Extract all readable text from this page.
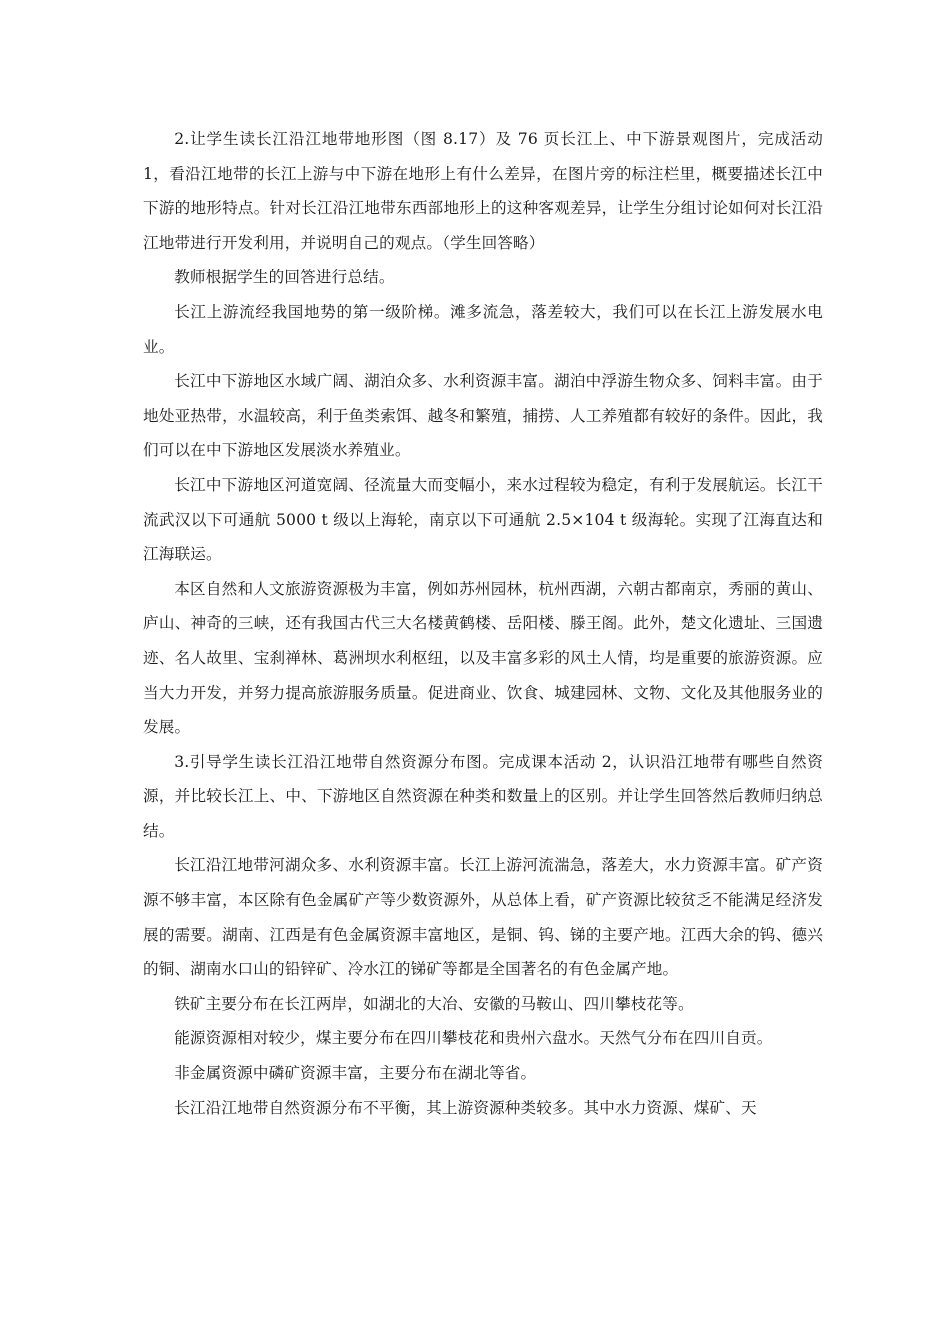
2.让学生读长江沿江地带地形图（图 8.17）及 76 页长江上、中下游景观图片，完成活动 1，看沿江地带的长江上游与中下游在地形上有什么差异，在图片旁的标注栏里，概要描述长江中下游的地形特点。针对长江沿江地带东西部地形上的这种客观差异，让学生分组讨论如何对长江沿江地带进行开发利用，并说明自己的观点。（学生回答略）

教师根据学生的回答进行总结。

长江上游流经我国地势的第一级阶梯。滩多流急，落差较大，我们可以在长江上游发展水电业。

长江中下游地区水域广阔、湖泊众多、水利资源丰富。湖泊中浮游生物众多、饲料丰富。由于地处亚热带，水温较高，利于鱼类索饵、越冬和繁殖，捕捞、人工养殖都有较好的条件。因此，我们可以在中下游地区发展淡水养殖业。

长江中下游地区河道宽阔、径流量大而变幅小，来水过程较为稳定，有利于发展航运。长江干流武汉以下可通航 5000 t 级以上海轮，南京以下可通航 2.5×104 t 级海轮。实现了江海直达和江海联运。

本区自然和人文旅游资源极为丰富，例如苏州园林，杭州西湖，六朝古都南京，秀丽的黄山、庐山、神奇的三峡，还有我国古代三大名楼黄鹤楼、岳阳楼、滕王阁。此外，楚文化遗址、三国遗迹、名人故里、宝刹禅林、葛洲坝水利枢纽，以及丰富多彩的风土人情，均是重要的旅游资源。应当大力开发，并努力提高旅游服务质量。促进商业、饮食、城建园林、文物、文化及其他服务业的发展。

3.引导学生读长江沿江地带自然资源分布图。完成课本活动 2，认识沿江地带有哪些自然资源，并比较长江上、中、下游地区自然资源在种类和数量上的区别。并让学生回答然后教师归纳总结。

长江沿江地带河湖众多、水利资源丰富。长江上游河流湍急，落差大，水力资源丰富。矿产资源不够丰富，本区除有色金属矿产等少数资源外，从总体上看，矿产资源比较贫乏不能满足经济发展的需要。湖南、江西是有色金属资源丰富地区，是铜、钨、锑的主要产地。江西大余的钨、德兴的铜、湖南水口山的铅锌矿、冷水江的锑矿等都是全国著名的有色金属产地。

铁矿主要分布在长江两岸，如湖北的大冶、安徽的马鞍山、四川攀枝花等。

能源资源相对较少，煤主要分布在四川攀枝花和贵州六盘水。天然气分布在四川自贡。

非金属资源中磷矿资源丰富，主要分布在湖北等省。

长江沿江地带自然资源分布不平衡，其上游资源种类较多。其中水力资源、煤矿、天
